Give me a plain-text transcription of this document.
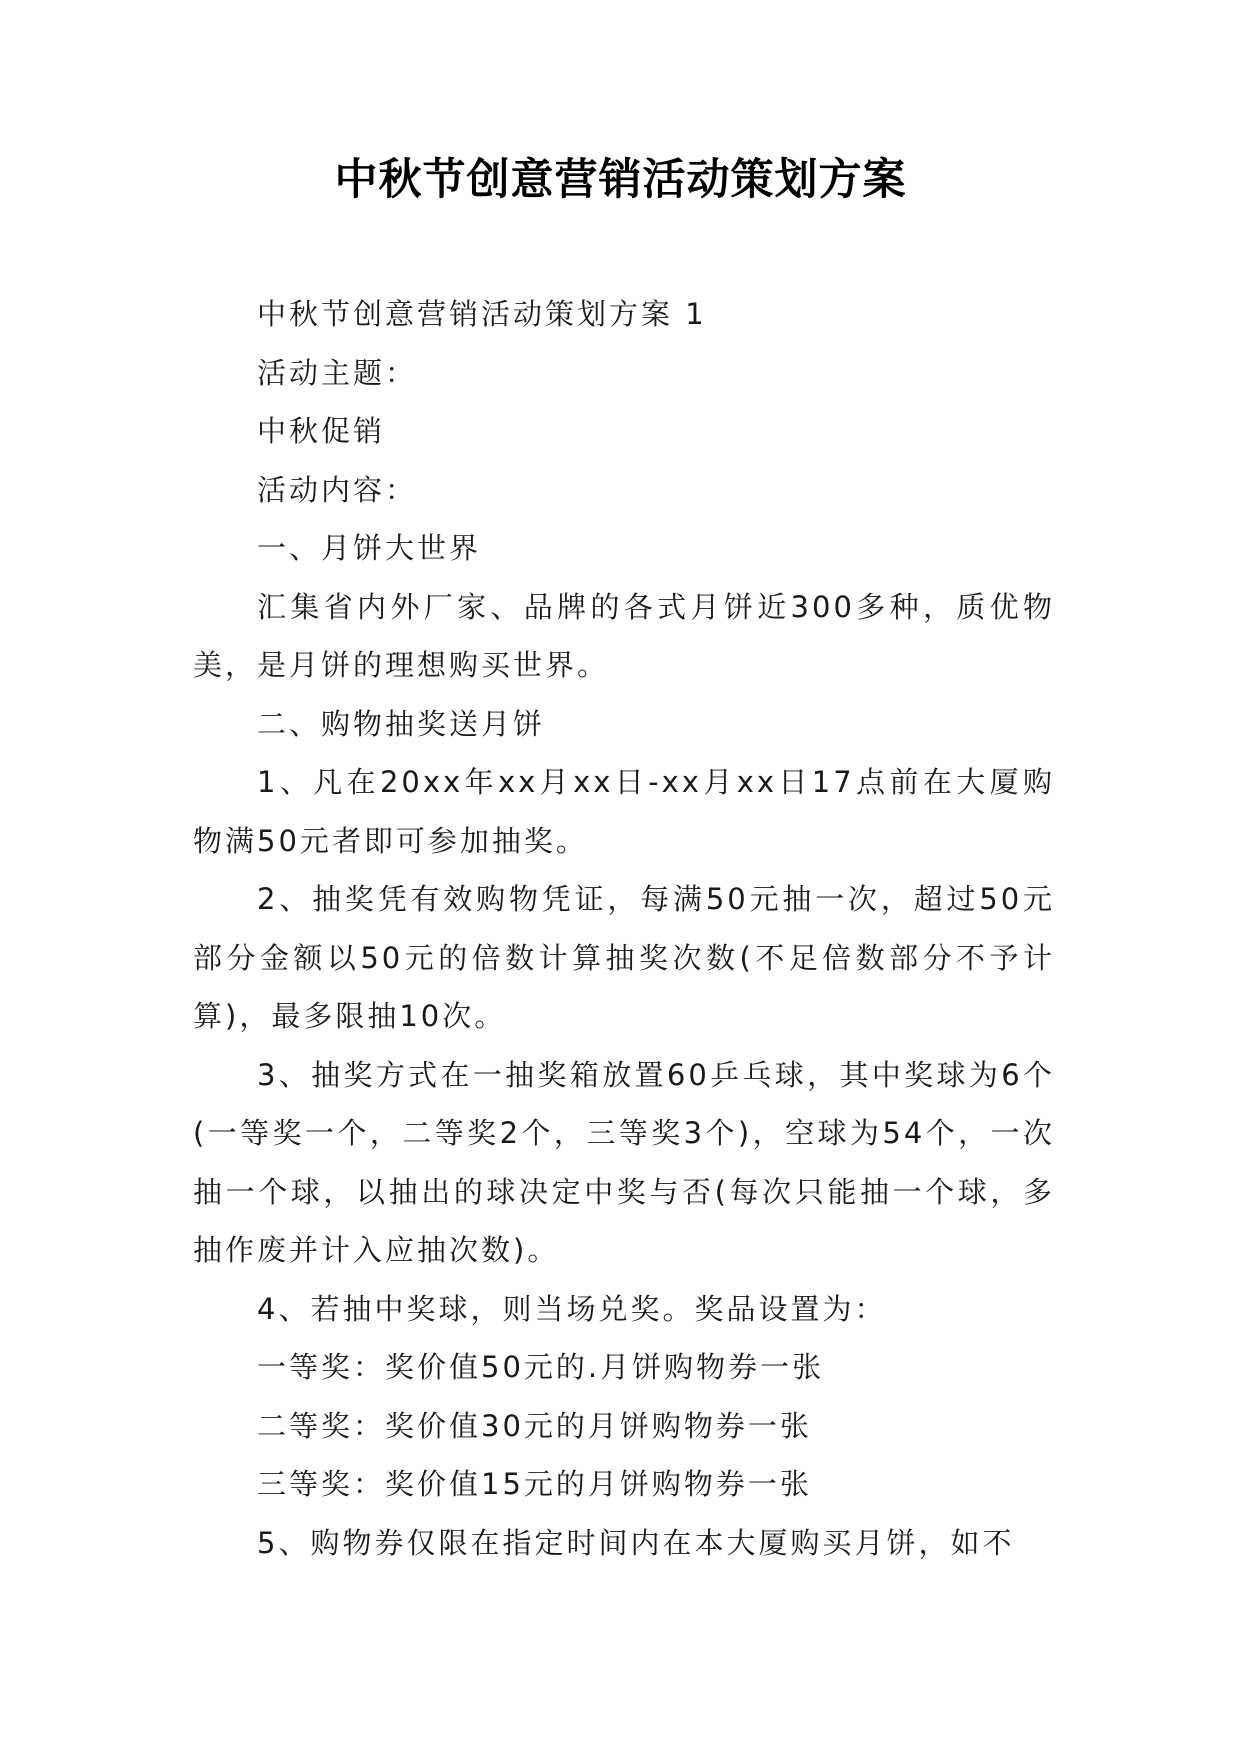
中秋节创意营销活动策划方案

中秋节创意营销活动策划方案 1

活动主题：

中秋促销

活动内容：

一、月饼大世界

汇集省内外厂家、品牌的各式月饼近300多种，质优物美，是月饼的理想购买世界。

二、购物抽奖送月饼

1、凡在20xx年xx月xx日-xx月xx日17点前在大厦购物满50元者即可参加抽奖。

2、抽奖凭有效购物凭证，每满50元抽一次，超过50元部分金额以50元的倍数计算抽奖次数(不足倍数部分不予计算)，最多限抽10次。

3、抽奖方式在一抽奖箱放置60乒乓球，其中奖球为6个(一等奖一个，二等奖2个，三等奖3个)，空球为54个，一次抽一个球，以抽出的球决定中奖与否(每次只能抽一个球，多抽作废并计入应抽次数)。

4、若抽中奖球，则当场兑奖。奖品设置为：

一等奖：奖价值50元的.月饼购物券一张

二等奖：奖价值30元的月饼购物券一张

三等奖：奖价值15元的月饼购物券一张

5、购物券仅限在指定时间内在本大厦购买月饼，如不
